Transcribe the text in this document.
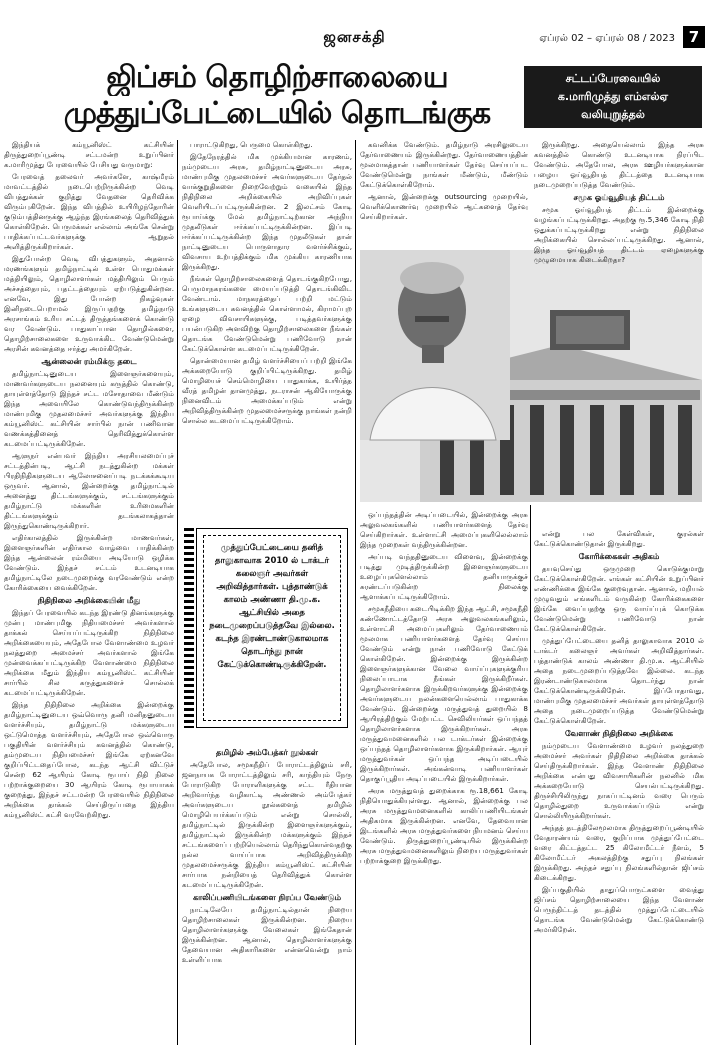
ஜனசக்தி	ஏப்ரல் 02 – ஏப்ரல் 08 / 2023 7
ஜிப்சம் தொழிற்சாலையை
முத்துப்பேட்டையில் தொடங்குக
சட்டப்பேரவையில்
க.மாரிமுத்து எம்எல்ஏ
வலியுறுத்தல்

இந்தியக் கம்யூனிஸ்ட் கட்சியின் திருத்துறைப்பூண்டி சட்டமன்ற உறுப்பினர் க.மாரிமுத்து பேரவையில் பேசியது வருமாறு:

பேரவைத் தலைவர் அவர்களே, காஷ்மீரம் மாவட்டத்தில் நடைபெற்றிருக்கின்ற வெடி விபத்துக்கள் குறித்து வேதனை தெரிவிக்க விரும்புகிறேன். இந்த விபத்தில் உயிரிழந்தோரின் குடும்பத்தினருக்கு ஆழ்ந்த இரங்கலைத் தெரிவித்துக் கொள்கிறேன். பெருமக்கள் எல்லாம் அங்கே சென்று பாதிக்கப்பட்டவர்களுக்கு ஆறுதல் அளித்திருக்கிறார்கள்.

இதுபோன்ற வெடி விபத்துகளும், அதனால் மரணங்களும் தமிழ்நாட்டில் உள்ள பொதுமக்கள் மத்தியிலும், தொழிலாளர்கள் மத்தியிலும் பெரும் அச்சத்தையும், பதட்டத்தையும் ஏற்படுத்துகின்றன. எனவே, இது போன்ற நிகழ்வுகள் இனிநடைபெறாமல் இருப்பதற்கு தமிழ்நாடு அரசாங்கம் உரிய சட்டத் திருத்தங்களைக் கொண்டு வர வேண்டும். பாதுகாப்பான தொழில்களை, தொழிற்சாலைகளை உருவாக்கிட வேண்டுமென்று அரசின் கவனத்தை ஈர்த்து அமர்கிறேன்.

ஆன்லைன் ரம்மிக்கு தடை

தமிழ்நாட்டினுடைய இளைஞர்களையும், மாணவர்களுடைய நலனையும் கருத்தில் கொண்டு, தாயுள்ளத்தோடு இந்தச் சட்ட மசோதாவை மீண்டும் இந்த அவையிலே கொண்டுவந்திருக்கின்ற மாண்புமிகு முதலமைச்சர் அவர்களுக்கு இந்திய கம்யூனிஸ்ட் கட்சியின் சார்பில் நான் பணிவான வணக்கத்தினைத் தெரிவித்துக்கொள்ள கடமைப்பட்டிருக்கிறேன்.

ஆளுநர் என்பவர் இந்திய அரசியலமைப்புச் சட்டத்தின்படி, ஆட்சி நடத்துகின்ற மக்கள் பிரதிநிதிகளுடைய ஆலோசனைப்படி நடக்கக்கூடிய ஒருவர். ஆனால், இன்றைக்கு தமிழ்நாட்டில் அனைத்து திட்டங்களுக்கும், சட்டங்களுக்கும் தமிழ்நாட்டு மக்களின் உரிமைகளின் திட்டங்களுக்கும் தடங்கலாகத்தான் இருந்துகொண்டிருக்கிறார்.

எதிர்காலத்தில் இருக்கின்ற மாணவர்கள், இளைஞர்களின் எதிர்கால வாழ்வை பாதிக்கின்ற இந்த ஆன்லைன் ரம்மியை அடியோடு ஒழிக்க வேண்டும். இந்தச் சட்டம் உடனடியாக தமிழ்நாட்டிலே நடைமுறைக்கு வரவேண்டும் என்ற கோரிக்கையை வைக்கிறேன்.

நிதிநிலை அறிக்கையின் மீது

இந்தப் பேரவையில் கடந்த இரண்டு தினங்களுக்கு முன்பு மாண்புமிகு நிதியமைச்சர் அவர்களால் தாக்கல் செய்யப்பட்டிருக்கிற நிதிநிலை அறிக்கையையும், அதேபோல வேளாண்மை உழவர் நலத்துறை அமைச்சர் அவர்களால் இங்கே முன்வைக்கப்பட்டிருக்கிற வேளாண்மை நிதிநிலை அறிக்கை மீதும் இந்திய கம்யூனிஸ்ட் கட்சியின் சார்பில் சில கருத்துகளைச் சொல்லக் கடமைப்பட்டிருக்கிறேன்.

இந்த நிதிநிலை அறிக்கை இன்றைக்கு தமிழ்நாட்டினுடைய ஒவ்வொரு தனி மனிதனுடைய வளர்ச்சியும், தமிழ்நாட்டு மக்களுடைய ஒட்டுமொத்த வளர்ச்சியும், அதேபோல ஒவ்வொரு பகுதியின் வளர்ச்சியும் கவனத்தில் கொண்டு, தம்முடைய நிதியமைச்சர் இங்கே ஏற்கனவே குறிப்பிட்டதைப்போல, கடந்த ஆட்சி விட்டுச் சென்ற 62 ஆயிரம் கோடி ரூபாய் நிதி நிலை பற்றாக்குறையை 30 ஆயிரம் கோடி ரூபாயாகக் குறைத்து, இந்தச் சட்டமன்ற பேரவையில் நிதிநிலை அறிக்கை தாக்கல் செய்திருப்பதை இந்திய கம்யூனிஸ்ட் கட்சி வரவேற்கிறது.

பாராட்டுகிறது, பெருமை கொள்கிறது.

இதேநேரத்தில் மிக முக்கியமான காரணம், நம்முடைய அரசு, தமிழ்நாட்டினுடைய அரசு, மாண்புமிகு முதலமைச்சர் அவர்களுடைய தேர்தல் வாக்குறுதிகளை நிறைவேற்றும் வகையில் இந்த நிதிநிலை அறிக்கையில் அறிவிப்புகள் வெளியிடப்பட்டிருக்கின்றன. 2 இலட்சம் கோடி ரூபாய்க்கு மேல் தமிழ்நாட்டிற்கான அந்நிய முதலீடுகள் ஈர்க்கப்பட்டிருக்கின்றன. இப்படி ஈர்க்கப்பட்டிருக்கின்ற இந்த முதலீடுகள் தான் நாட்டினுடைய பொருளாதார வளர்ச்சிக்கும், விவசாய உற்பத்திக்கும் மிக முக்கிய காரணியாக இருக்கிறது.

நீங்கள் தொழிற்சாலைகளைத் தொடங்குகிறபோது, பெருமாநகரங்களை மையப்படுத்தி தொடங்கிவிட வேண்டாம். மாநகரத்தைப் பற்றி மட்டும் உங்களுடைய கவனத்தில் கொள்ளாமல், கிராமப்புற ஏழை விவசாயிகளுக்கு, படித்தவர்களுக்கு பயன்படுகிற அளவிற்கு தொழிற்சாலைகளை நீங்கள் தொடங்க வேண்டுமென்று பணிவோடு நான் கேட்டுக்கொள்ள கடமைப்பட்டிருக்கிறேன்.

தொன்மையான தமிழ் வளர்ச்சியைப் பற்றி இங்கே அக்கறையோடு குறிப்பிட்டிருக்கிறது. தமிழ் மொழியைச் செம்மொழியை பாதுகாக்க, உயிர்த்த வீரத் தமிழன் தானமுத்து, நடராசன் ஆகியோருக்கு நினைவிடம் அமைக்கப்படும் என்று அறிவித்திருக்கின்ற முதலமைச்சருக்கு நாங்கள் நன்றி சொல்ல கடமைப்பட்டிருக்கிறோம்.

முத்துப்பேட்டையை தனித் தாலுகாவாக 2010 ல் டாக்டர் கலைஞர் அவர்கள் அறிவித்தார்கள். புத்தாண்டுக் காலம் அண்ணா தி.மு.க. ஆட்சியில் அதை நடைமுறைப்படுத்தவே இல்லை. கடந்த இரண்டாண்டுகாலமாக தொடர்ந்து நான் கேட்டுக்கொண்டிருக்கிறேன்.

தமிழில் அம்பேத்கர் நூல்கள்

அதேபோல, சமூகநீதிப் போராட்டத்திலும் சரி, ஜனநாயக போராட்டத்திலும் சரி, காந்தியும் நேரு போராடுகிற போராளிகளுக்கு சட்ட ரீதியான அறிவார்ந்த வழிகாட்டி அண்ணல் அம்பேத்கர் அவர்களுடைய நூல்களைத் தமிழில் மொழிபெயர்க்கப்படும் என்று சொல்லி, தமிழ்நாட்டில் இருக்கின்ற இளைஞர்களுக்கும், தமிழ்நாட்டில் இருக்கின்ற மக்களுக்கும் இந்தச் சட்டங்களைப் பற்றியெல்லாம் தெரிந்துகொள்வதற்கு நல்ல வாய்ப்பாக அறிவித்திருக்கிற முதலமைச்சருக்கு இந்திய கம்யூனிஸ்ட் கட்சியின் சார்பாக நன்றியைத் தெரிவித்துக் கொள்ள கடமைப்பட்டிருக்கிறேன்.

காலிப்பணியிடங்களை நிரப்ப வேண்டும்

நாட்டிலேயே தமிழ்நாட்டில்தான் நிறைய தொழிற்சாலைகள் இருக்கின்றன. நிறைய தொழிலாளர்களுக்கு வேலைகள் இங்கேதான் இருக்கின்றன. ஆனால், தொழிலாளர்களுக்கு தேவையான அதிகாரிகளை என்னவென்று நாம் உள்ளிப்பாக

கவனிக்க வேண்டும். தமிழ்நாடு அரசிலுடைய தேர்வாணையம் இருக்கின்றது. தேர்வாணையத்தின் மூலமாகத்தான் பணியாளர்கள் தேர்வு செய்யப்பட வேண்டுமென்று நாங்கள் மீண்டும், மீண்டும் கேட்டுக்கொள்கிறோம்.

ஆனால், இன்றைக்கு outsourcing முறையில், வெளிக்கொணர்வு முறையில் ஆட்களைத் தேர்வு செய்கிறார்கள்.

ஒப்பந்தத்தின் அடிப்படையில், இன்றைக்கு அரசு அலுவலகங்களில் பணியாளர்களைத் தேர்வு செய்கிறார்கள். உள்ளாட்சி அமைப்புகளிலெல்லாம் இந்த முறைகள் வந்திருக்கின்றன.

அப்படி வந்ததினுடைய விளைவு, இன்றைக்கு படித்து முடித்திருக்கின்ற இளைஞர்களுடைய உழைப்புகளெல்லாம் தனியாருக்குச் சுரண்டப்படுகின்ற நிலைக்கு ஆளாக்கப்பட்டிருக்கிறோம்.

சமூகநீதியை கடைபிடிக்கிற இந்த ஆட்சி, சமூகநீதி கண்ணோட்டத்தோடு அரசு அலுவலகங்களிலும், உள்ளாட்சி அமைப்புகளிலும் தேர்வாணையம் மூலமாக பணியாளர்களைத் தேர்வு செய்ய வேண்டும் என்று நான் பணிவோடு கேட்டுக் கொள்கிறேன். இன்றைக்கு இருக்கின்ற இளைஞர்களுக்கான வேலை வாய்ப்புகளுக்குரிய நிலைப்பாடாக நீங்கள் இருக்கிறீர்கள். தொழிலாளர்களாக இருக்கிறவர்களுக்கு இன்றைக்கு அவர்களுடைய நலன்களையெல்லாம் பாதுகாக்க வேண்டும். இன்றைக்கு மருத்துவத் துறையில் 8 ஆயிரத்திற்கும் மேற்பட்ட செவிலியர்கள் ஒப்பந்தத் தொழிலாளர்களாக இருக்கிறார்கள். அரசு மருத்துவமனைகளில் பல டாக்டர்கள் இன்றைக்கு ஒப்பந்தத் தொழிலாளர்களாக இருக்கிறார்கள். ஆயுர் மருத்துவர்கள் ஒப்பந்த அடிப்படையில் இருக்கிறார்கள். அங்கன்வாடி பணியாளர்கள் தொகுப்பூதிய அடிப்படையில் இருக்கிறார்கள்.

அரசு மருத்துவத் துறைக்காக ரூ.18,661 கோடி நிதியொதுக்கியுள்ளது. ஆனால், இன்றைக்கு பல அரசு மருத்துவமனைகளில் காலிப்பணியிடங்கள் அதிகமாக இருக்கின்றன. எனவே, தேவையான இடங்களில் அரசு மருத்துவர்களை நியமனம் செய்ய வேண்டும். திருத்துறைப்பூண்டியில் இருக்கின்ற அரசு மருத்துவமனைகளிலும் நிறைய மருத்துவர்கள் பற்றாக்குறை இருக்கிறது.

இருக்கிறது. அதையெல்லாம் இந்த அரசு கவனத்தில் கொண்டு உடனடியாக நிரப்பிட வேண்டும். அதேபோல, அரசு ஊழியர்களுக்கான பழைய ஓய்வூதியத் திட்டத்தை உடனடியாக நடைமுறைப்படுத்த வேண்டும்.

சமூக ஓய்வூதியத் திட்டம்

சமூக ஓய்வூதியத் திட்டம் இன்றைக்கு வழங்கப்பட்டிருக்கிறது. அதற்கு ரூ.5,346 கோடி நிதி ஒதுக்கப்பட்டிருக்கிறது என்று நிதிநிலை அறிக்கையில் சொல்லப்பட்டிருக்கிறது. ஆனால், இந்த ஓய்வூதியத் திட்டம் ஏழைகளுக்கு முழுமையாக கிடைக்கிறதா?

என்று பல கேள்விகள், குரல்கள் கேட்டுக்கொண்டுதான் இருக்கிறது.

கோரிக்கைகள் அதிகம்

தயவுசெய்து ஒருமுறை கொடுக்குமாறு கேட்டுக்கொள்கிறேன். எங்கள் கட்சியின் உறுப்பினர் எண்ணிக்கை இங்கே குறைவுதான். ஆனால், மறியல் முழுவதும் எங்களிடம் வருகின்ற கோரிக்கைகளை இங்கே வைப்பதற்கு ஒரு வாய்ப்புக் கொடுக்க வேண்டுமென்று பணிவோடு நான் கேட்டுக்கொள்கிறேன்.

முத்துப்பேட்டையை தனித் தாலுகாவாக 2010 ல் டாக்டர் கலைஞர் அவர்கள் அறிவித்தார்கள். பத்தாண்டுக் காலம் அண்ணா தி.மு.க. ஆட்சியில் அதை நடைமுறைப்படுத்தவே இல்லை. கடந்த இரண்டாண்டுகாலமாக தொடர்ந்து நான் கேட்டுக்கொண்டிருக்கிறேன். இப்போதாவது, மாண்புமிகு முதலமைச்சர் அவர்கள் தாயுள்ளத்தோடு அதை நடைமுறைப்படுத்த வேண்டுமென்று கேட்டுக்கொள்கிறேன்.

வேளாண் நிதிநிலை அறிக்கை

நம்முடைய வேளாண்மை உழவர் நலத்துறை அமைச்சர் அவர்கள் நிதிநிலை அறிக்கை தாக்கல் செய்திருக்கிறார்கள். இந்த வேளாண் நிதிநிலை அறிக்கை என்பது விவசாயிகளின் நலனில் மிக அக்கறையோடு செயல்பட்டிருக்கிறது. திருச்சியிலிருந்து நாகப்பட்டினம் வரை பெரும் தொழில்துறை உருவாக்கப்படும் என்று சொல்லியிருக்கிறார்கள்.

அந்தத் தடத்திலேமூலமாக திருத்துறைப்பூண்டியில் வேதாரண்யம் வரை, குறிப்பாக முத்துப்பேட்டை வரை கிட்டத்தட்ட 25 கிலோமீட்டர் நீளம், 5 கிலோமீட்டர் அகலத்திற்கு சதுப்பு நிலங்கள் இருக்கிறது. அந்தச் சதுப்பு நிலங்களில்தான் ஜிப்சம் கிடைக்கிறது.

இப்பகுதியில் தாதுப்பொருட்களை வைத்து ஜிப்சம் தொழிற்சாலையை இந்த வேளாண் பெருந்திட்டத் தடத்தில் முத்துப்பேட்டையில் தொடங்க வேண்டுமென்று கேட்டுக்கொண்டு அமர்கிறேன்.
